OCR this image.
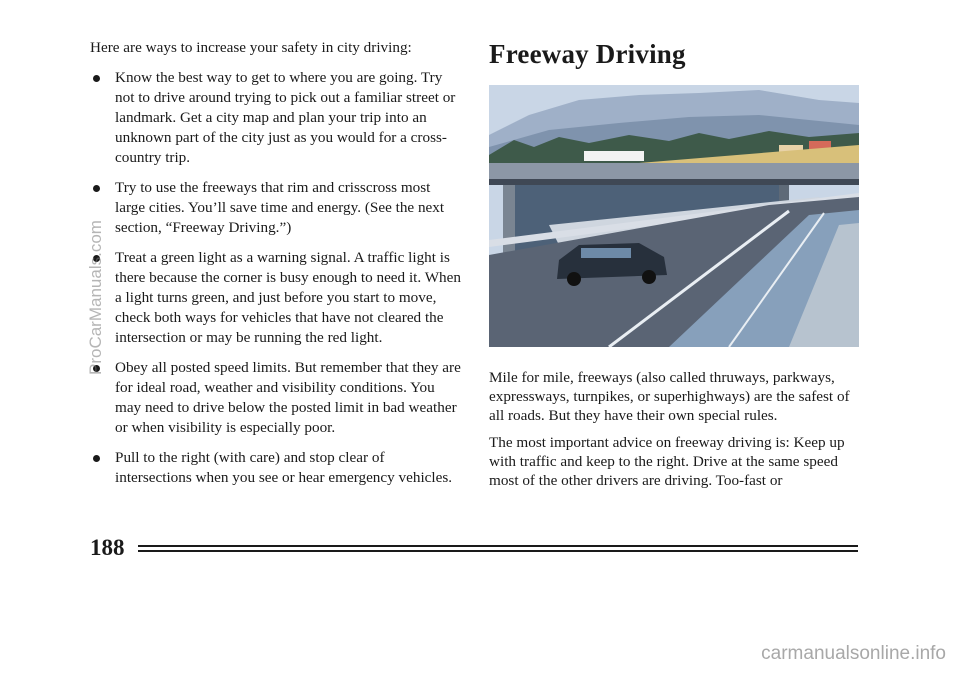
Here are ways to increase your safety in city driving:

Know the best way to get to where you are going. Try not to drive around trying to pick out a familiar street or landmark. Get a city map and plan your trip into an unknown part of the city just as you would for a cross-country trip.
Try to use the freeways that rim and crisscross most large cities. You’ll save time and energy. (See the next section, “Freeway Driving.”)
Treat a green light as a warning signal. A traffic light is there because the corner is busy enough to need it. When a light turns green, and just before you start to move, check both ways for vehicles that have not cleared the intersection or may be running the red light.
Obey all posted speed limits. But remember that they are for ideal road, weather and visibility conditions. You may need to drive below the posted limit in bad weather or when visibility is especially poor.
Pull to the right (with care) and stop clear of intersections when you see or hear emergency vehicles.
Freeway Driving

Mile for mile, freeways (also called thruways, parkways, expressways, turnpikes, or superhighways) are the safest of all roads. But they have their own special rules.

The most important advice on freeway driving is: Keep up with traffic and keep to the right. Drive at the same speed most of the other drivers are driving. Too-fast or

188
ProCarManuals.com
carmanualsonline.info
